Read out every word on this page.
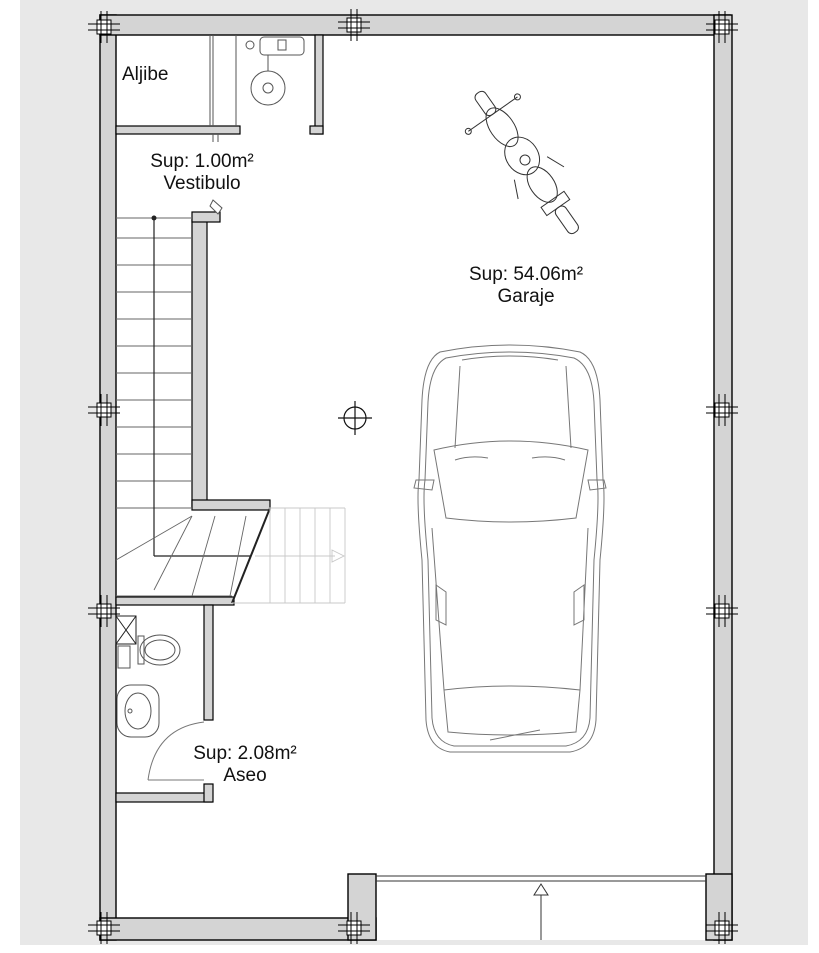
Aljibe
Sup: 1.00m²
Vestibulo
Sup: 54.06m²
Garaje
Sup: 2.08m²
Aseo
